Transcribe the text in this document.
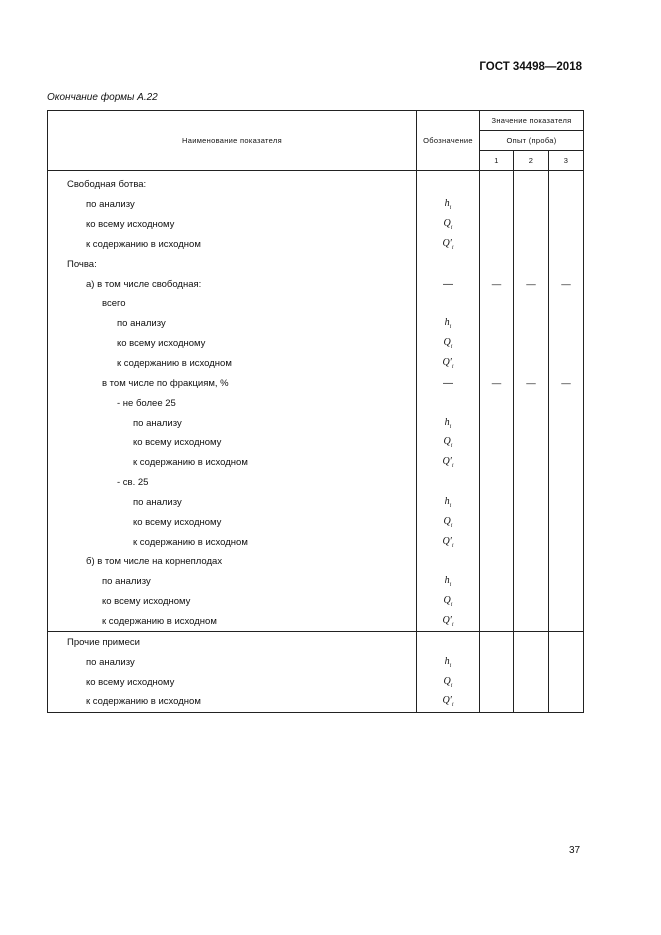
ГОСТ 34498—2018
Окончание формы А.22
Наименование показателя	Обозначение	Значение показателя		
		Опыт (проба)		
		1	2	3
Свободная ботва:				
по анализу	$h_i$			
ко всему исходному	$Q_i$			
к содержанию в исходном	$Q'_i$			
Почва:				
а) в том числе свободная:	—	—	—	—
всего				
по анализу	$h_i$			
ко всему исходному	$Q_i$			
к содержанию в исходном	$Q'_i$			
в том числе по фракциям, %	—	—	—	—
- не более 25				
по анализу	$h_i$			
ко всему исходному	$Q_i$			
к содержанию в исходном	$Q'_i$			
- св. 25				
по анализу	$h_i$			
ко всему исходному	$Q_i$			
к содержанию в исходном	$Q'_i$			
б) в том числе на корнеплодах				
по анализу	$h_i$			
ко всему исходному	$Q_i$			
к содержанию в исходном	$Q'_i$			
Прочие примеси				
по анализу	$h_i$			
ко всему исходному	$Q_i$			
к содержанию в исходном	$Q'_i$			
37
